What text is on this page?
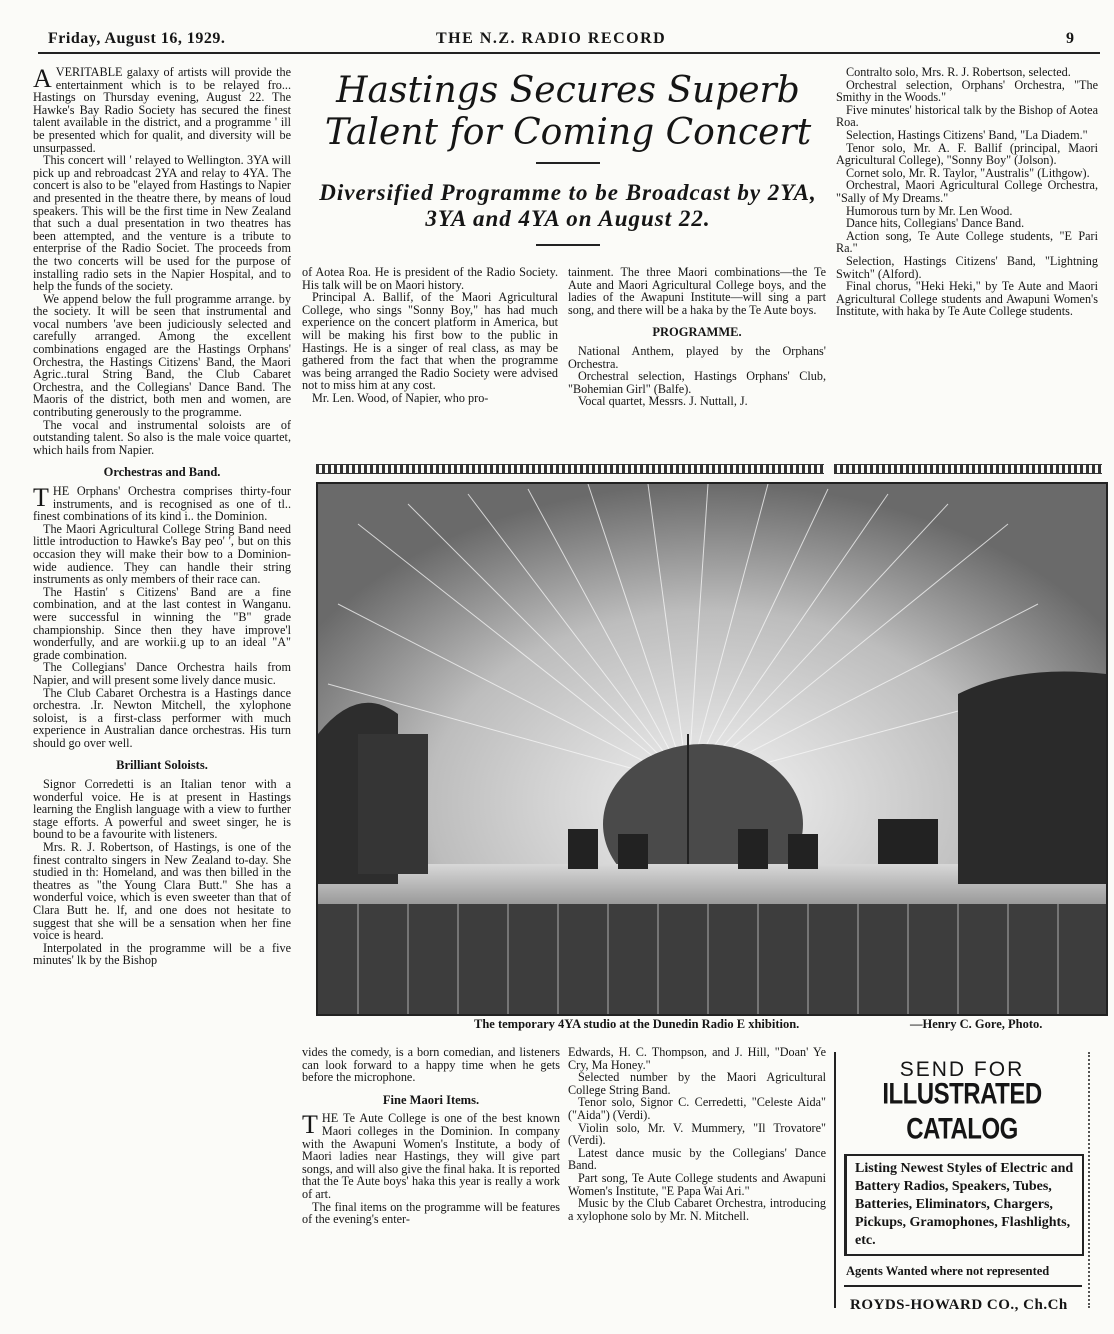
Friday, August 16, 1929.	THE N.Z. RADIO RECORD	9

AVERITABLE galaxy of artists will provide the entertainment which is to be relayed fro... Hastings on Thursday evening, August 22. The Hawke's Bay Radio Society has secured the finest talent available in the district, and a programme ' ill be presented which for qualit, and diversity will be unsurpassed.

This concert will ' relayed to Wellington. 3YA will pick up and rebroadcast 2YA and relay to 4YA. The concert is also to be "elayed from Hastings to Napier and presented in the theatre there, by means of loud speakers. This will be the first time in New Zealand that such a dual presentation in two theatres has been attempted, and the venture is a tribute to enterprise of the Radio Societ. The proceeds from the two concerts will be used for the purpose of installing radio sets in the Napier Hospital, and to help the funds of the society.

We append below the full programme arrange. by the society. It will be seen that instrumental and vocal numbers 'ave been judiciously selected and carefully arranged. Among the excellent combinations engaged are the Hastings Orphans' Orchestra, the Hastings Citizens' Band, the Maori Agric..tural String Band, the Club Cabaret Orchestra, and the Collegians' Dance Band. The Maoris of the district, both men and women, are contributing generously to the programme.

The vocal and instrumental soloists are of outstanding talent. So also is the male voice quartet, which hails from Napier.

Orchestras and Band.

THE Orphans' Orchestra comprises thirty-four instruments, and is recognised as one of tl.. finest combinations of its kind i.. the Dominion.

The Maori Agricultural College String Band need little introduction to Hawke's Bay peo' ', but on this occasion they will make their bow to a Dominion-wide audience. They can handle their string instruments as only members of their race can.

The Hastin' s Citizens' Band are a fine combination, and at the last contest in Wanganu. were successful in winning the "B" grade championship. Since then they have improve'l wonderfully, and are workii.g up to an ideal "A" grade combination.

The Collegians' Dance Orchestra hails from Napier, and will present some lively dance music.

The Club Cabaret Orchestra is a Hastings dance orchestra. .Ir. Newton Mitchell, the xylophone soloist, is a first-class performer with much experience in Australian dance orchestras. His turn should go over well.

Brilliant Soloists.

Signor Corredetti is an Italian tenor with a wonderful voice. He is at present in Hastings learning the English language with a view to further stage efforts. A powerful and sweet singer, he is bound to be a favourite with listeners.

Mrs. R. J. Robertson, of Hastings, is one of the finest contralto singers in New Zealand to-day. She studied in th: Homeland, and was then billed in the theatres as "the Young Clara Butt." She has a wonderful voice, which is even sweeter than that of Clara Butt he. lf, and one does not hesitate to suggest that she will be a sensation when her fine voice is heard.

Interpolated in the programme will be a five minutes' lk by the Bishop

Hastings Secures Superb Talent for Coming Concert
Diversified Programme to be Broadcast by 2YA, 3YA and 4YA on August 22.

of Aotea Roa. He is president of the Radio Society. His talk will be on Maori history.

Principal A. Ballif, of the Maori Agricultural College, who sings "Sonny Boy," has had much experience on the concert platform in America, but will be making his first bow to the public in Hastings. He is a singer of real class, as may be gathered from the fact that when the programme was being arranged the Radio Society were advised not to miss him at any cost.

Mr. Len. Wood, of Napier, who pro-

tainment. The three Maori combinations—the Te Aute and Maori Agricultural College boys, and the ladies of the Awapuni Institute—will sing a part song, and there will be a haka by the Te Aute boys.

PROGRAMME.

National Anthem, played by the Orphans' Orchestra.

Orchestral selection, Hastings Orphans' Club, "Bohemian Girl" (Balfe).

Vocal quartet, Messrs. J. Nuttall, J.

Contralto solo, Mrs. R. J. Robertson, selected.

Orchestral selection, Orphans' Orchestra, "The Smithy in the Woods."

Five minutes' historical talk by the Bishop of Aotea Roa.

Selection, Hastings Citizens' Band, "La Diadem."

Tenor solo, Mr. A. F. Ballif (principal, Maori Agricultural College), "Sonny Boy" (Jolson).

Cornet solo, Mr. R. Taylor, "Australis" (Lithgow).

Orchestral, Maori Agricultural College Orchestra, "Sally of My Dreams."

Humorous turn by Mr. Len Wood.

Dance hits, Collegians' Dance Band.

Action song, Te Aute College students, "E Pari Ra."

Selection, Hastings Citizens' Band, "Lightning Switch" (Alford).

Final chorus, "Heki Heki," by Te Aute and Maori Agricultural College students and Awapuni Women's Institute, with haka by Te Aute College students.

The temporary 4YA studio at the Dunedin Radio E xhibition.	—Henry C. Gore, Photo.

vides the comedy, is a born comedian, and listeners can look forward to a happy time when he gets before the microphone.

Fine Maori Items.

THE Te Aute College is one of the best known Maori colleges in the Dominion. In company with the Awapuni Women's Institute, a body of Maori ladies near Hastings, they will give part songs, and will also give the final haka. It is reported that the Te Aute boys' haka this year is really a work of art.

The final items on the programme will be features of the evening's enter-

Edwards, H. C. Thompson, and J. Hill, "Doan' Ye Cry, Ma Honey."

Selected number by the Maori Agricultural College String Band.

Tenor solo, Signor C. Cerredetti, "Celeste Aida" ("Aida") (Verdi).

Violin solo, Mr. V. Mummery, "Il Trovatore" (Verdi).

Latest dance music by the Collegians' Dance Band.

Part song, Te Aute College students and Awapuni Women's Institute, "E Papa Wai Ari."

Music by the Club Cabaret Orchestra, introducing a xylophone solo by Mr. N. Mitchell.

SEND FOR
ILLUSTRATED CATALOG
Listing Newest Styles of Electric and Battery Radios, Speakers, Tubes, Batteries, Eliminators, Chargers, Pickups, Gramophones, Flashlights, etc.
Agents Wanted where not represented
ROYDS-HOWARD CO., Ch.Ch
